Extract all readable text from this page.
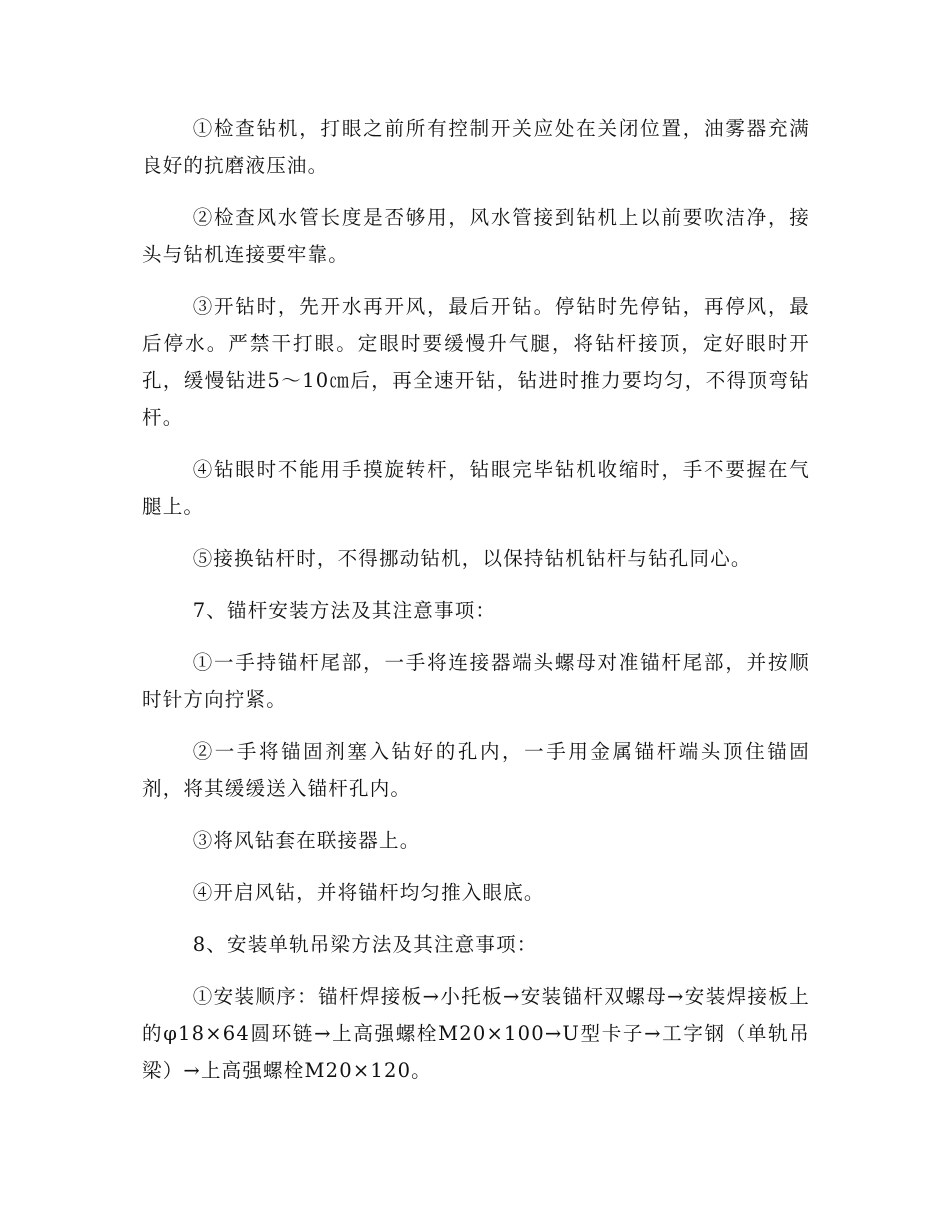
①检查钻机，打眼之前所有控制开关应处在关闭位置，油雾器充满良好的抗磨液压油。

②检查风水管长度是否够用，风水管接到钻机上以前要吹洁净，接头与钻机连接要牢靠。

③开钻时，先开水再开风，最后开钻。停钻时先停钻，再停风，最后停水。严禁干打眼。定眼时要缓慢升气腿，将钻杆接顶，定好眼时开孔，缓慢钻进5～10㎝后，再全速开钻，钻进时推力要均匀，不得顶弯钻杆。

④钻眼时不能用手摸旋转杆，钻眼完毕钻机收缩时，手不要握在气腿上。

⑤接换钻杆时，不得挪动钻机，以保持钻机钻杆与钻孔同心。

7、锚杆安装方法及其注意事项：

①一手持锚杆尾部，一手将连接器端头螺母对准锚杆尾部，并按顺时针方向拧紧。

②一手将锚固剂塞入钻好的孔内，一手用金属锚杆端头顶住锚固剂，将其缓缓送入锚杆孔内。

③将风钻套在联接器上。

④开启风钻，并将锚杆均匀推入眼底。

8、安装单轨吊梁方法及其注意事项：

①安装顺序：锚杆焊接板→小托板→安装锚杆双螺母→安装焊接板上的φ18×64圆环链→上高强螺栓M20×100→U型卡子→工字钢（单轨吊梁）→上高强螺栓M20×120。
